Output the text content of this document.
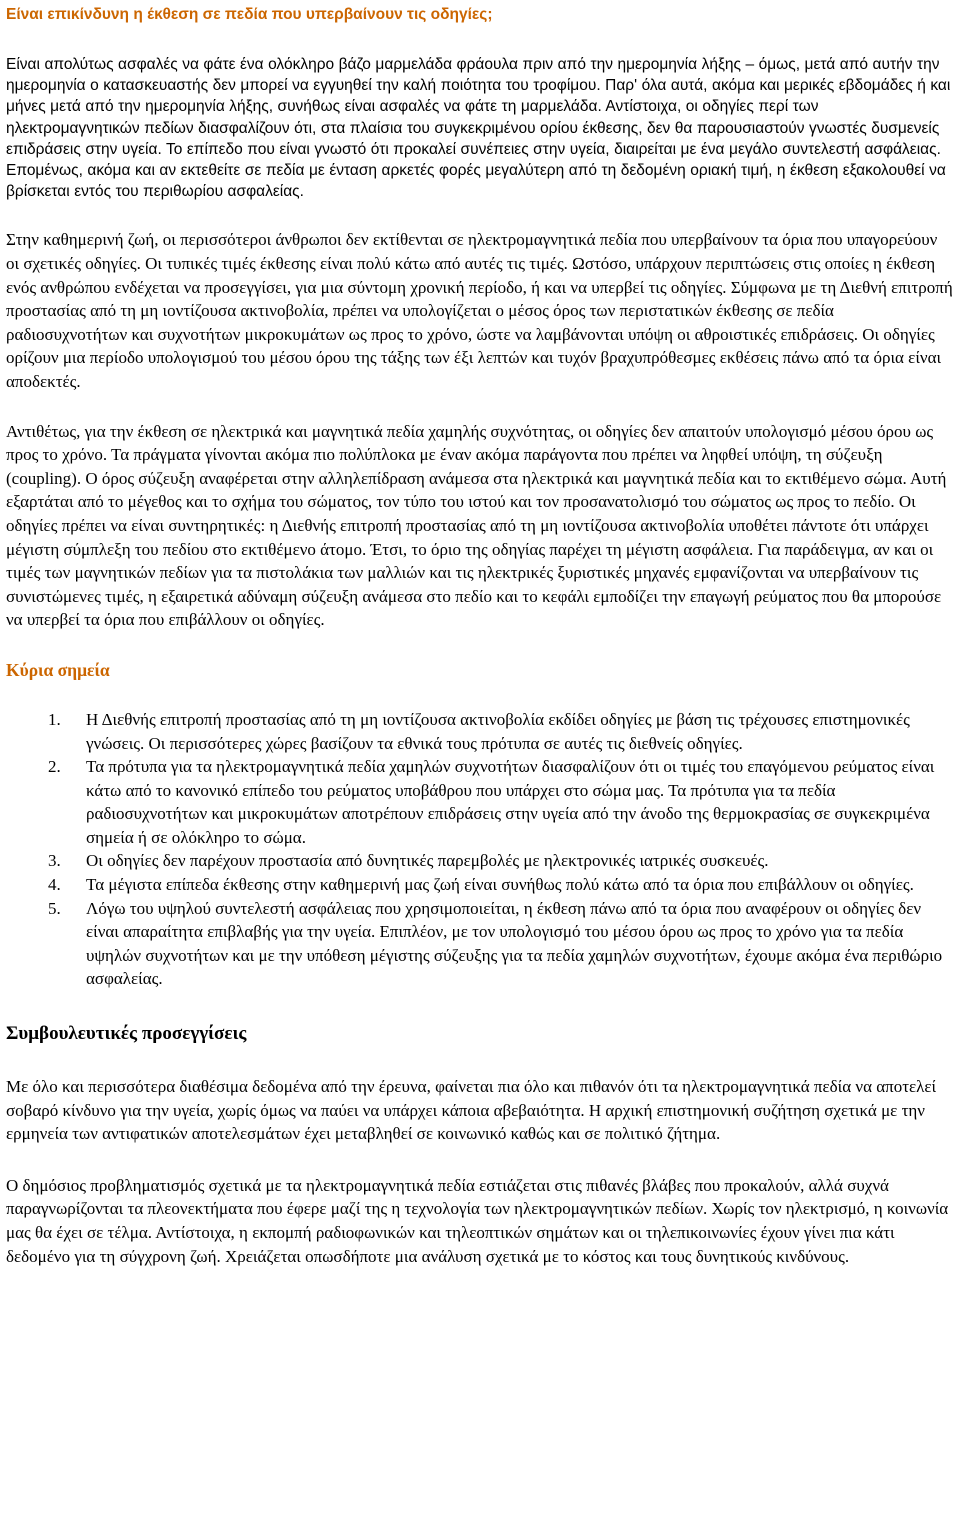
Είναι επικίνδυνη η έκθεση σε πεδία που υπερβαίνουν τις οδηγίες;

Είναι απολύτως ασφαλές να φάτε ένα ολόκληρο βάζο μαρμελάδα φράουλα πριν από την ημερομηνία λήξης – όμως, μετά από αυτήν την ημερομηνία ο κατασκευαστής δεν μπορεί να εγγυηθεί την καλή ποιότητα του τροφίμου. Παρ' όλα αυτά, ακόμα και μερικές εβδομάδες ή και μήνες μετά από την ημερομηνία λήξης, συνήθως είναι ασφαλές να φάτε τη μαρμελάδα. Αντίστοιχα, οι οδηγίες περί των ηλεκτρομαγνητικών πεδίων διασφαλίζουν ότι, στα πλαίσια του συγκεκριμένου ορίου έκθεσης, δεν θα παρουσιαστούν γνωστές δυσμενείς επιδράσεις στην υγεία. Το επίπεδο που είναι γνωστό ότι προκαλεί συνέπειες στην υγεία, διαιρείται με ένα μεγάλο συντελεστή ασφάλειας. Επομένως, ακόμα και αν εκτεθείτε σε πεδία με ένταση αρκετές φορές μεγαλύτερη από τη δεδομένη οριακή τιμή, η έκθεση εξακολουθεί να βρίσκεται εντός του περιθωρίου ασφαλείας.

Στην καθημερινή ζωή, οι περισσότεροι άνθρωποι δεν εκτίθενται σε ηλεκτρομαγνητικά πεδία που υπερβαίνουν τα όρια που υπαγορεύουν οι σχετικές οδηγίες. Οι τυπικές τιμές έκθεσης είναι πολύ κάτω από αυτές τις τιμές. Ωστόσο, υπάρχουν περιπτώσεις στις οποίες η έκθεση ενός ανθρώπου ενδέχεται να προσεγγίσει, για μια σύντομη χρονική περίοδο, ή και να υπερβεί τις οδηγίες. Σύμφωνα με τη Διεθνή επιτροπή προστασίας από τη μη ιοντίζουσα ακτινοβολία, πρέπει να υπολογίζεται ο μέσος όρος των περιστατικών έκθεσης σε πεδία ραδιοσυχνοτήτων και συχνοτήτων μικροκυμάτων ως προς το χρόνο, ώστε να λαμβάνονται υπόψη οι αθροιστικές επιδράσεις. Οι οδηγίες ορίζουν μια περίοδο υπολογισμού του μέσου όρου της τάξης των έξι λεπτών και τυχόν βραχυπρόθεσμες εκθέσεις πάνω από τα όρια είναι αποδεκτές.

Αντιθέτως, για την έκθεση σε ηλεκτρικά και μαγνητικά πεδία χαμηλής συχνότητας, οι οδηγίες δεν απαιτούν υπολογισμό μέσου όρου ως προς το χρόνο. Τα πράγματα γίνονται ακόμα πιο πολύπλοκα με έναν ακόμα παράγοντα που πρέπει να ληφθεί υπόψη, τη σύζευξη (coupling). Ο όρος σύζευξη αναφέρεται στην αλληλεπίδραση ανάμεσα στα ηλεκτρικά και μαγνητικά πεδία και το εκτιθέμενο σώμα. Αυτή εξαρτάται από το μέγεθος και το σχήμα του σώματος, τον τύπο του ιστού και τον προσανατολισμό του σώματος ως προς το πεδίο. Οι οδηγίες πρέπει να είναι συντηρητικές: η Διεθνής επιτροπή προστασίας από τη μη ιοντίζουσα ακτινοβολία υποθέτει πάντοτε ότι υπάρχει μέγιστη σύμπλεξη του πεδίου στο εκτιθέμενο άτομο. Έτσι, το όριο της οδηγίας παρέχει τη μέγιστη ασφάλεια. Για παράδειγμα, αν και οι τιμές των μαγνητικών πεδίων για τα πιστολάκια των μαλλιών και τις ηλεκτρικές ξυριστικές μηχανές εμφανίζονται να υπερβαίνουν τις συνιστώμενες τιμές, η εξαιρετικά αδύναμη σύζευξη ανάμεσα στο πεδίο και το κεφάλι εμποδίζει την επαγωγή ρεύματος που θα μπορούσε να υπερβεί τα όρια που επιβάλλουν οι οδηγίες.

Κύρια σημεία
1. Η Διεθνής επιτροπή προστασίας από τη μη ιοντίζουσα ακτινοβολία εκδίδει οδηγίες με βάση τις τρέχουσες επιστημονικές γνώσεις. Οι περισσότερες χώρες βασίζουν τα εθνικά τους πρότυπα σε αυτές τις διεθνείς οδηγίες.
2. Τα πρότυπα για τα ηλεκτρομαγνητικά πεδία χαμηλών συχνοτήτων διασφαλίζουν ότι οι τιμές του επαγόμενου ρεύματος είναι κάτω από το κανονικό επίπεδο του ρεύματος υποβάθρου που υπάρχει στο σώμα μας. Τα πρότυπα για τα πεδία ραδιοσυχνοτήτων και μικροκυμάτων αποτρέπουν επιδράσεις στην υγεία από την άνοδο της θερμοκρασίας σε συγκεκριμένα σημεία ή σε ολόκληρο το σώμα.
3. Οι οδηγίες δεν παρέχουν προστασία από δυνητικές παρεμβολές με ηλεκτρονικές ιατρικές συσκευές.
4. Τα μέγιστα επίπεδα έκθεσης στην καθημερινή μας ζωή είναι συνήθως πολύ κάτω από τα όρια που επιβάλλουν οι οδηγίες.
5. Λόγω του υψηλού συντελεστή ασφάλειας που χρησιμοποιείται, η έκθεση πάνω από τα όρια που αναφέρουν οι οδηγίες δεν είναι απαραίτητα επιβλαβής για την υγεία. Επιπλέον, με τον υπολογισμό του μέσου όρου ως προς το χρόνο για τα πεδία υψηλών συχνοτήτων και με την υπόθεση μέγιστης σύζευξης για τα πεδία χαμηλών συχνοτήτων, έχουμε ακόμα ένα περιθώριο ασφαλείας.
Συμβουλευτικές προσεγγίσεις

Με όλο και περισσότερα διαθέσιμα δεδομένα από την έρευνα, φαίνεται πια όλο και πιθανόν ότι τα ηλεκτρομαγνητικά πεδία να αποτελεί σοβαρό κίνδυνο για την υγεία, χωρίς όμως να παύει να υπάρχει κάποια αβεβαιότητα. Η αρχική επιστημονική συζήτηση σχετικά με την ερμηνεία των αντιφατικών αποτελεσμάτων έχει μεταβληθεί σε κοινωνικό καθώς και σε πολιτικό ζήτημα.

Ο δημόσιος προβληματισμός σχετικά με τα ηλεκτρομαγνητικά πεδία εστιάζεται στις πιθανές βλάβες που προκαλούν, αλλά συχνά παραγνωρίζονται τα πλεονεκτήματα που έφερε μαζί της η τεχνολογία των ηλεκτρομαγνητικών πεδίων. Χωρίς τον ηλεκτρισμό, η κοινωνία μας θα έχει σε τέλμα. Αντίστοιχα, η εκπομπή ραδιοφωνικών και τηλεοπτικών σημάτων και οι τηλεπικοινωνίες έχουν γίνει πια κάτι δεδομένο για τη σύγχρονη ζωή. Χρειάζεται οπωσδήποτε μια ανάλυση σχετικά με το κόστος και τους δυνητικούς κινδύνους.
